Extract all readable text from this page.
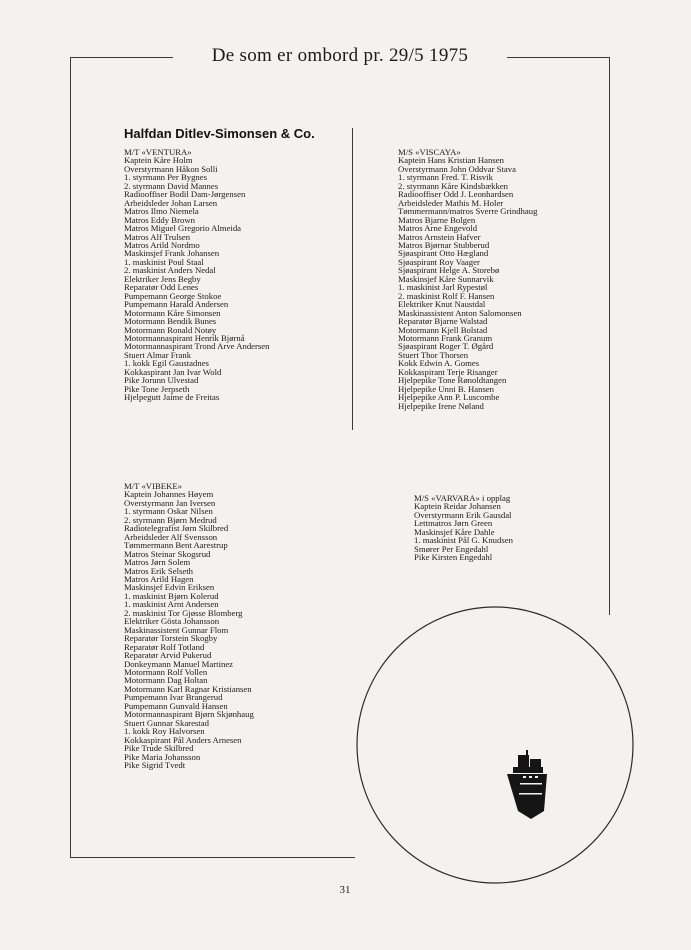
De som er ombord pr. 29/5 1975
Halfdan Ditlev-Simonsen & Co.
M/T «VENTURA»
Kaptein Kåre Holm
Overstyrmann Håkon Solli
1. styrmann Per Bygnes
2. styrmann David Mannes
Radiooffiser Bodil Dam-Jørgensen
Arbeidsleder Johan Larsen
Matros Ilmo Niemela
Matros Eddy Brown
Matros Miguel Gregorio Almeida
Matros Alf Trulsen
Matros Arild Nordmo
Maskinsjef Frank Johansen
1. maskinist Poul Staal
2. maskinist Anders Nedal
Elektriker Jens Begby
Reparatør Odd Lenes
Pumpemann George Stokoe
Pumpemann Harald Andersen
Motormann Kåre Simonsen
Motormann Bendik Bunes
Motormann Ronald Notøy
Motormannaspirant Henrik Bjørnå
Motormannaspirant Trond Arve Andersen
Stuert Almar Frank
1. kokk Egil Gaustadnes
Kokkaspirant Jan Ivar Wold
Pike Jorunn Ulvestad
Pike Tone Jerpseth
Hjelpegutt Jaime de Freitas
M/S «VISCAYA»
Kaptein Hans Kristian Hansen
Overstyrmann John Oddvar Stava
1. styrmann Fred. T. Risvik
2. styrmann Kåre Kindsbækken
Radiooffiser Odd J. Leonhardsen
Arbeidsleder Mathis M. Holer
Tømmermann/matros Sverre Grindhaug
Matros Bjarne Bolgen
Matros Arne Engevold
Matros Arnstein Hafver
Matros Bjørnar Stubberud
Sjøaspirant Otto Hægland
Sjøaspirant Roy Vaager
Sjøaspirant Helge A. Storebø
Maskinsjef Kåre Sunnarvik
1. maskinist Jarl Rypestøl
2. maskinist Rolf F. Hansen
Elektriker Knut Naustdal
Maskinassistent Anton Salomonsen
Reparatør Bjarne Walstad
Motormann Kjell Bolstad
Motormann Frank Granum
Sjøaspirant Roger T. Øgård
Stuert Thor Thorsen
Kokk Edwin A. Gomes
Kokkaspirant Terje Risanger
Hjelpepike Tone Rønoldtangen
Hjelpepike Unni B. Hansen
Hjelpepike Ann P. Luscombe
Hjelpepike Irene Nøland
M/T «VIBEKE»
Kaptein Johannes Høyem
Overstyrmann Jan Iversen
1. styrmann Oskar Nilsen
2. styrmann Bjørn Medrud
Radiotelegrafist Jørn Skilbred
Arbeidsleder Alf Svensson
Tømmermann Bent Aarestrup
Matros Steinar Skogsrud
Matros Jørn Solem
Matros Erik Selseth
Matros Arild Hagen
Maskinsjef Edvin Eriksen
1. maskinist Bjørn Kolerud
1. maskinist Arnt Andersen
2. maskinist Tor Gjøsse Blomberg
Elektriker Gösta Johansson
Maskinassistent Gunnar Flom
Reparatør Torstein Skogby
Reparatør Rolf Totland
Reparatør Arvid Pukerud
Donkeymann Manuel Martinez
Motormann Rolf Vollen
Motormann Dag Holtan
Motormann Karl Ragnar Kristiansen
Pumpemann Ivar Brangerud
Pumpemann Gunvald Hansen
Motormannaspirant Bjørn Skjønhaug
Stuert Gunnar Skarestad
1. kokk Roy Halvorsen
Kokkaspirant Pål Anders Arnesen
Pike Trude Skilbred
Pike Maria Johansson
Pike Sigrid Tvedt
M/S «VARVARA» i opplag
Kaptein Reidar Johansen
Overstyrmann Erik Gausdal
Lettmatros Jørn Green
Maskinsjef Kåre Dahle
1. maskinist Pål G. Knudsen
Smører Per Engedahl
Pike Kirsten Engedahl
31
